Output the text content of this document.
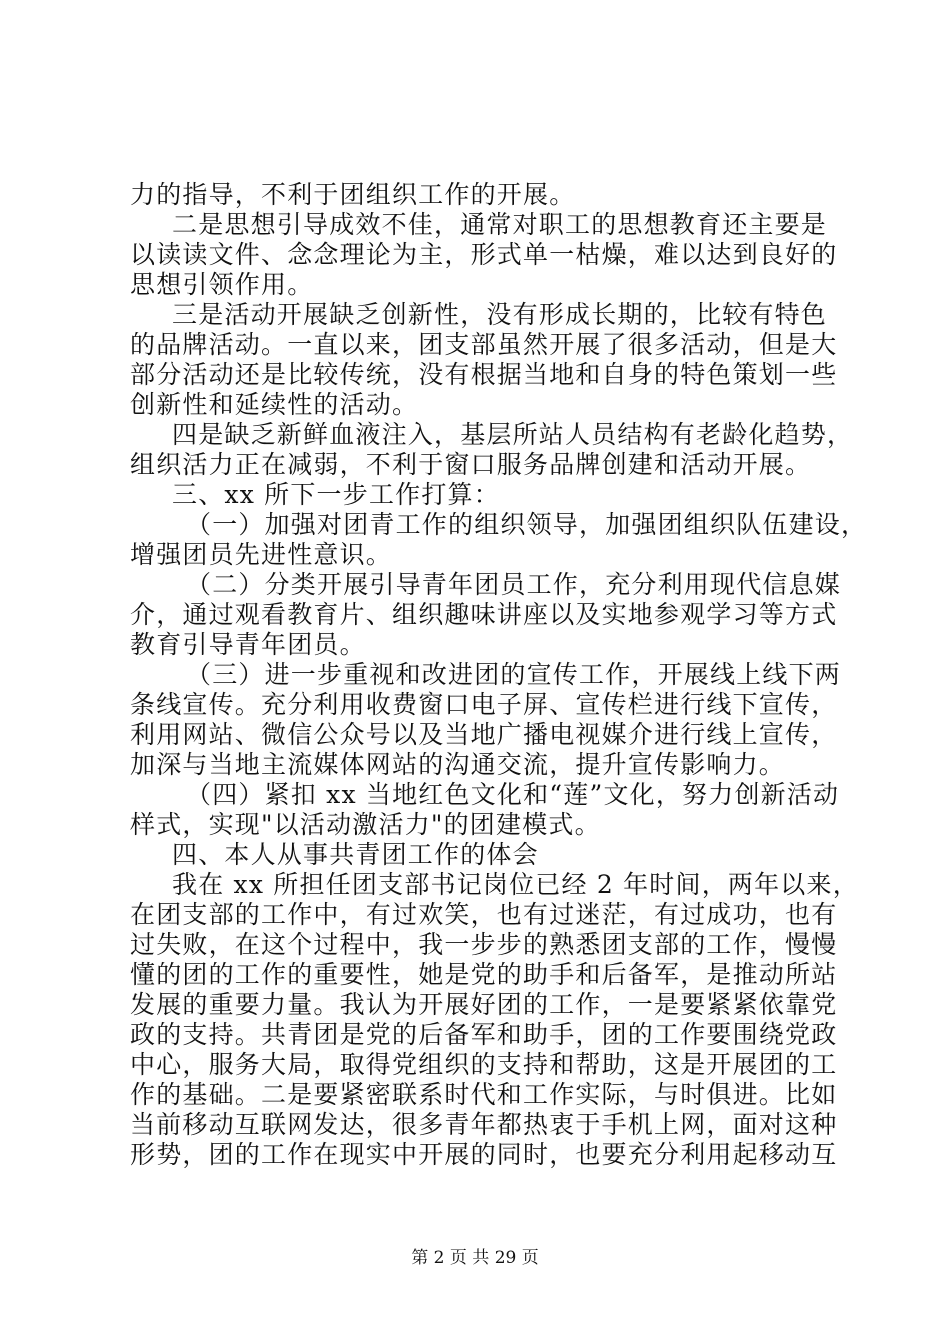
力的指导，不利于团组织工作的开展。
二是思想引导成效不佳，通常对职工的思想教育还主要是
以读读文件、念念理论为主，形式单一枯燥，难以达到良好的
思想引领作用。
三是活动开展缺乏创新性，没有形成长期的，比较有特色
的品牌活动。一直以来，团支部虽然开展了很多活动，但是大
部分活动还是比较传统，没有根据当地和自身的特色策划一些
创新性和延续性的活动。
四是缺乏新鲜血液注入，基层所站人员结构有老龄化趋势，
组织活力正在减弱，不利于窗口服务品牌创建和活动开展。
三、xx 所下一步工作打算：
（一）加强对团青工作的组织领导，加强团组织队伍建设，
增强团员先进性意识。
（二）分类开展引导青年团员工作，充分利用现代信息媒
介，通过观看教育片、组织趣味讲座以及实地参观学习等方式
教育引导青年团员。
（三）进一步重视和改进团的宣传工作，开展线上线下两
条线宣传。充分利用收费窗口电子屏、宣传栏进行线下宣传，
利用网站、微信公众号以及当地广播电视媒介进行线上宣传，
加深与当地主流媒体网站的沟通交流，提升宣传影响力。
（四）紧扣 xx 当地红色文化和“莲”文化，努力创新活动
样式，实现"以活动激活力"的团建模式。
四、本人从事共青团工作的体会
我在 xx 所担任团支部书记岗位已经 2 年时间，两年以来，
在团支部的工作中，有过欢笑，也有过迷茫，有过成功，也有
过失败，在这个过程中，我一步步的熟悉团支部的工作，慢慢
懂的团的工作的重要性，她是党的助手和后备军，是推动所站
发展的重要力量。我认为开展好团的工作，一是要紧紧依靠党
政的支持。共青团是党的后备军和助手，团的工作要围绕党政
中心，服务大局，取得党组织的支持和帮助，这是开展团的工
作的基础。二是要紧密联系时代和工作实际，与时俱进。比如
当前移动互联网发达，很多青年都热衷于手机上网，面对这种
形势，团的工作在现实中开展的同时，也要充分利用起移动互
第 2 页 共 29 页
